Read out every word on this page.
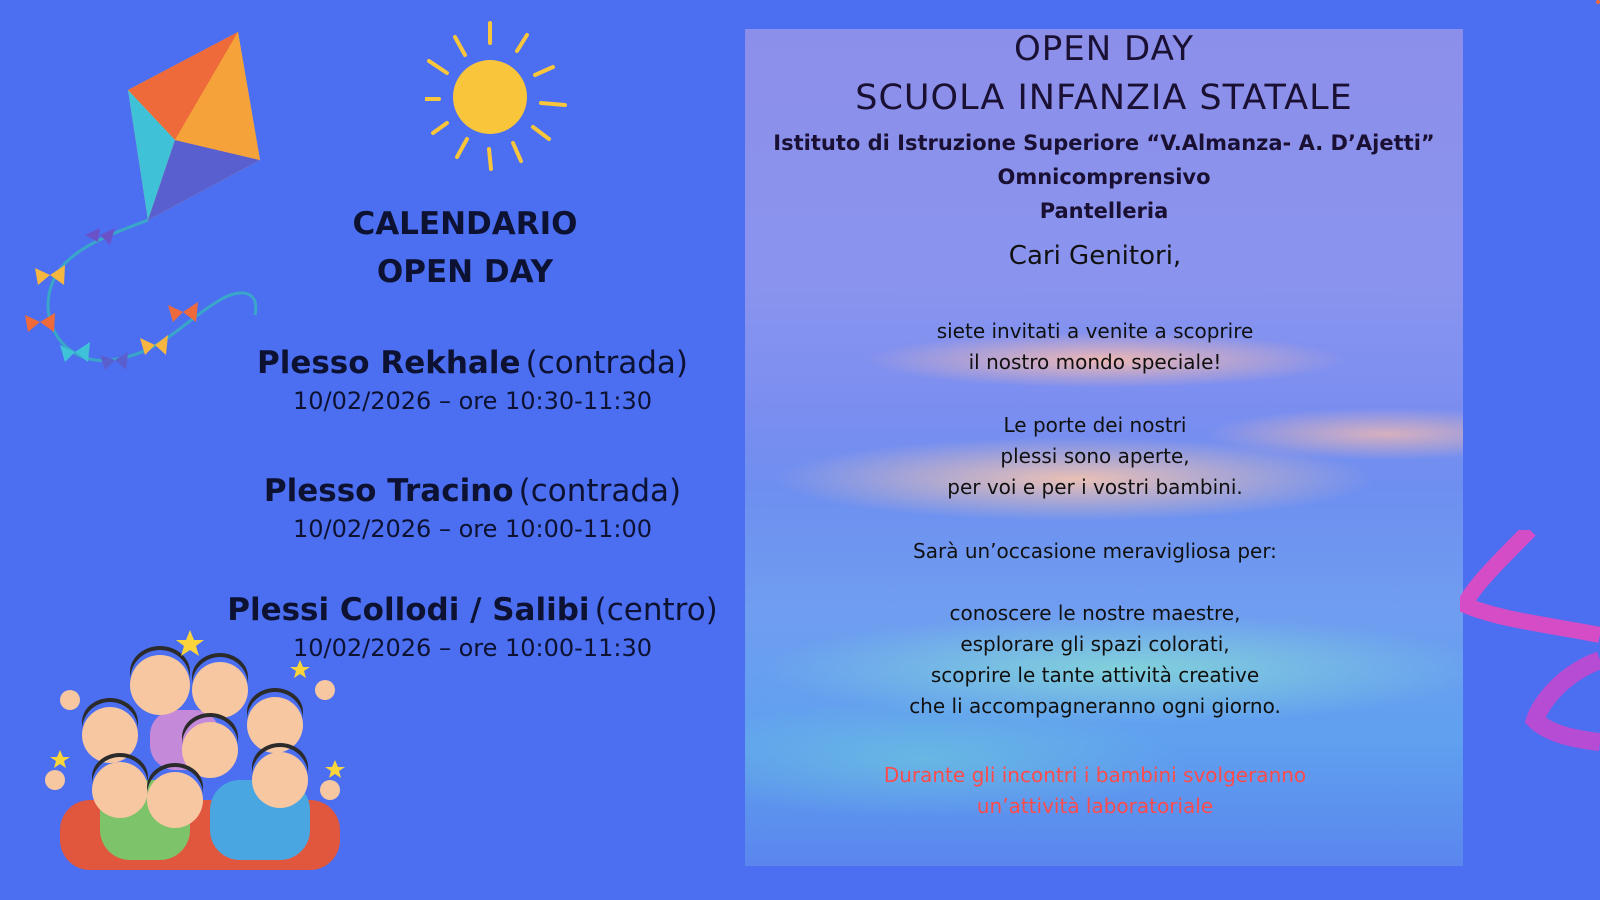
CALENDARIO
OPEN DAY
Plesso Rekhale (contrada)
10/02/2026 – ore 10:30-11:30
Plesso Tracino (contrada)
10/02/2026 – ore 10:00-11:00
Plessi Collodi / Salibi (centro)
10/02/2026 – ore 10:00-11:30
OPEN DAY
SCUOLA INFANZIA STATALE
Istituto di Istruzione Superiore “V.Almanza- A. D’Ajetti”
Omnicomprensivo
Pantelleria
Cari Genitori,
siete invitati a venite a scoprire
il nostro mondo speciale!
Le porte dei nostri
plessi sono aperte,
per voi e per i vostri bambini.
Sarà un’occasione meravigliosa per:
conoscere le nostre maestre,
esplorare gli spazi colorati,
scoprire le tante attività creative
che li accompagneranno ogni giorno.
Durante gli incontri i bambini svolgeranno
un’attività laboratoriale
